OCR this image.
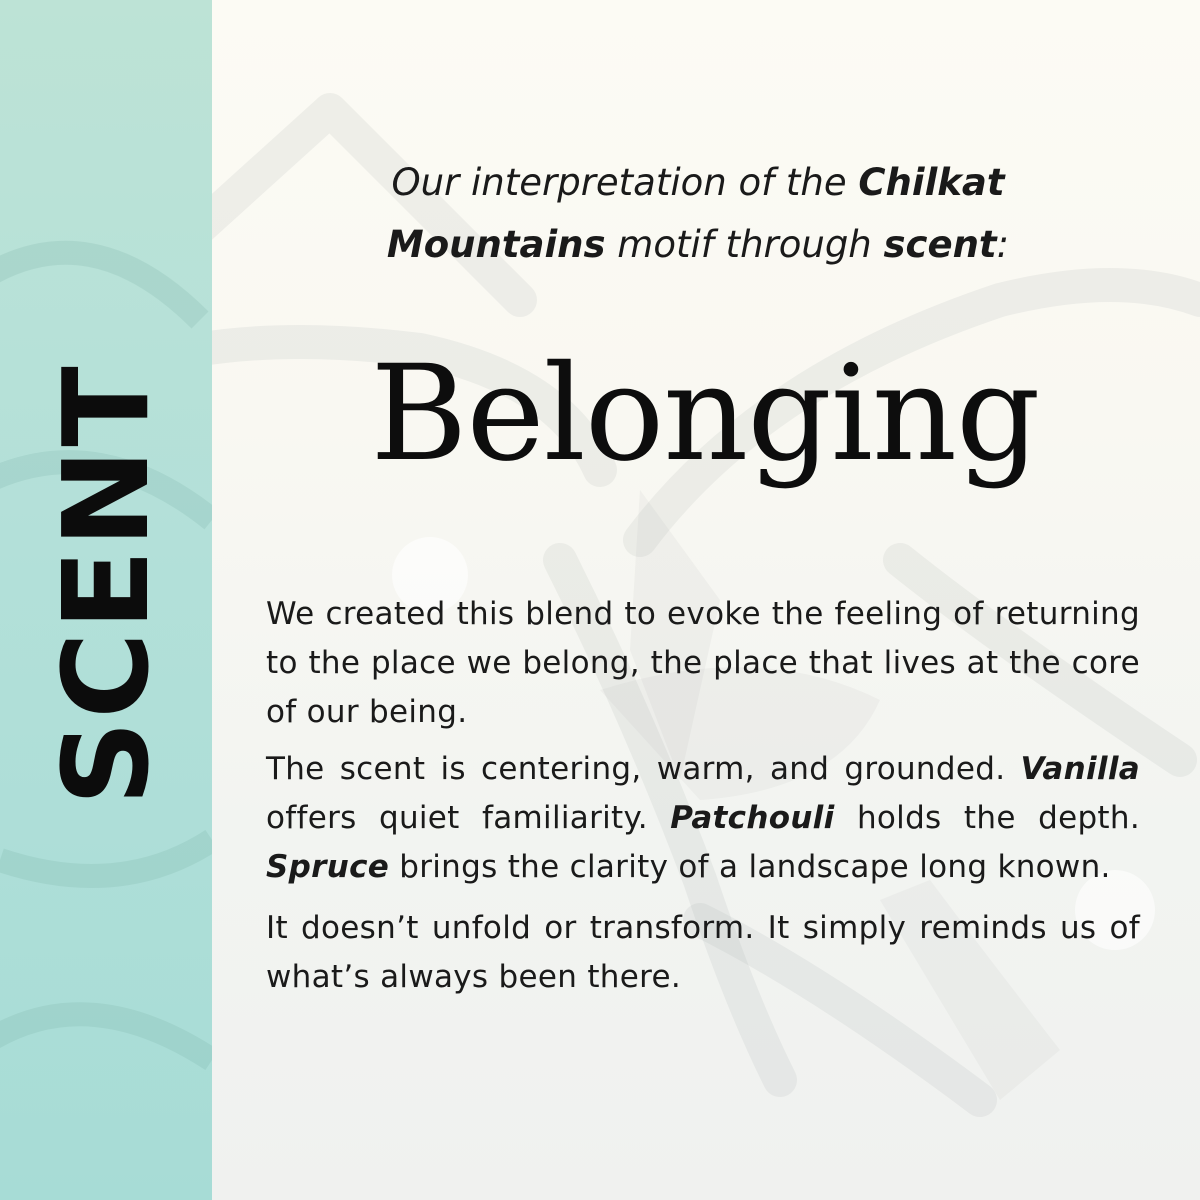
SCENT
Our interpretation of the Chilkat Mountains motif through scent:
Belonging

We created this blend to evoke the feeling of returning to the place we belong, the place that lives at the core of our being.

The scent is centering, warm, and grounded. Vanilla offers quiet familiarity. Patchouli holds the depth. Spruce brings the clarity of a landscape long known.

It doesn’t unfold or transform. It simply reminds us of what’s always been there.
